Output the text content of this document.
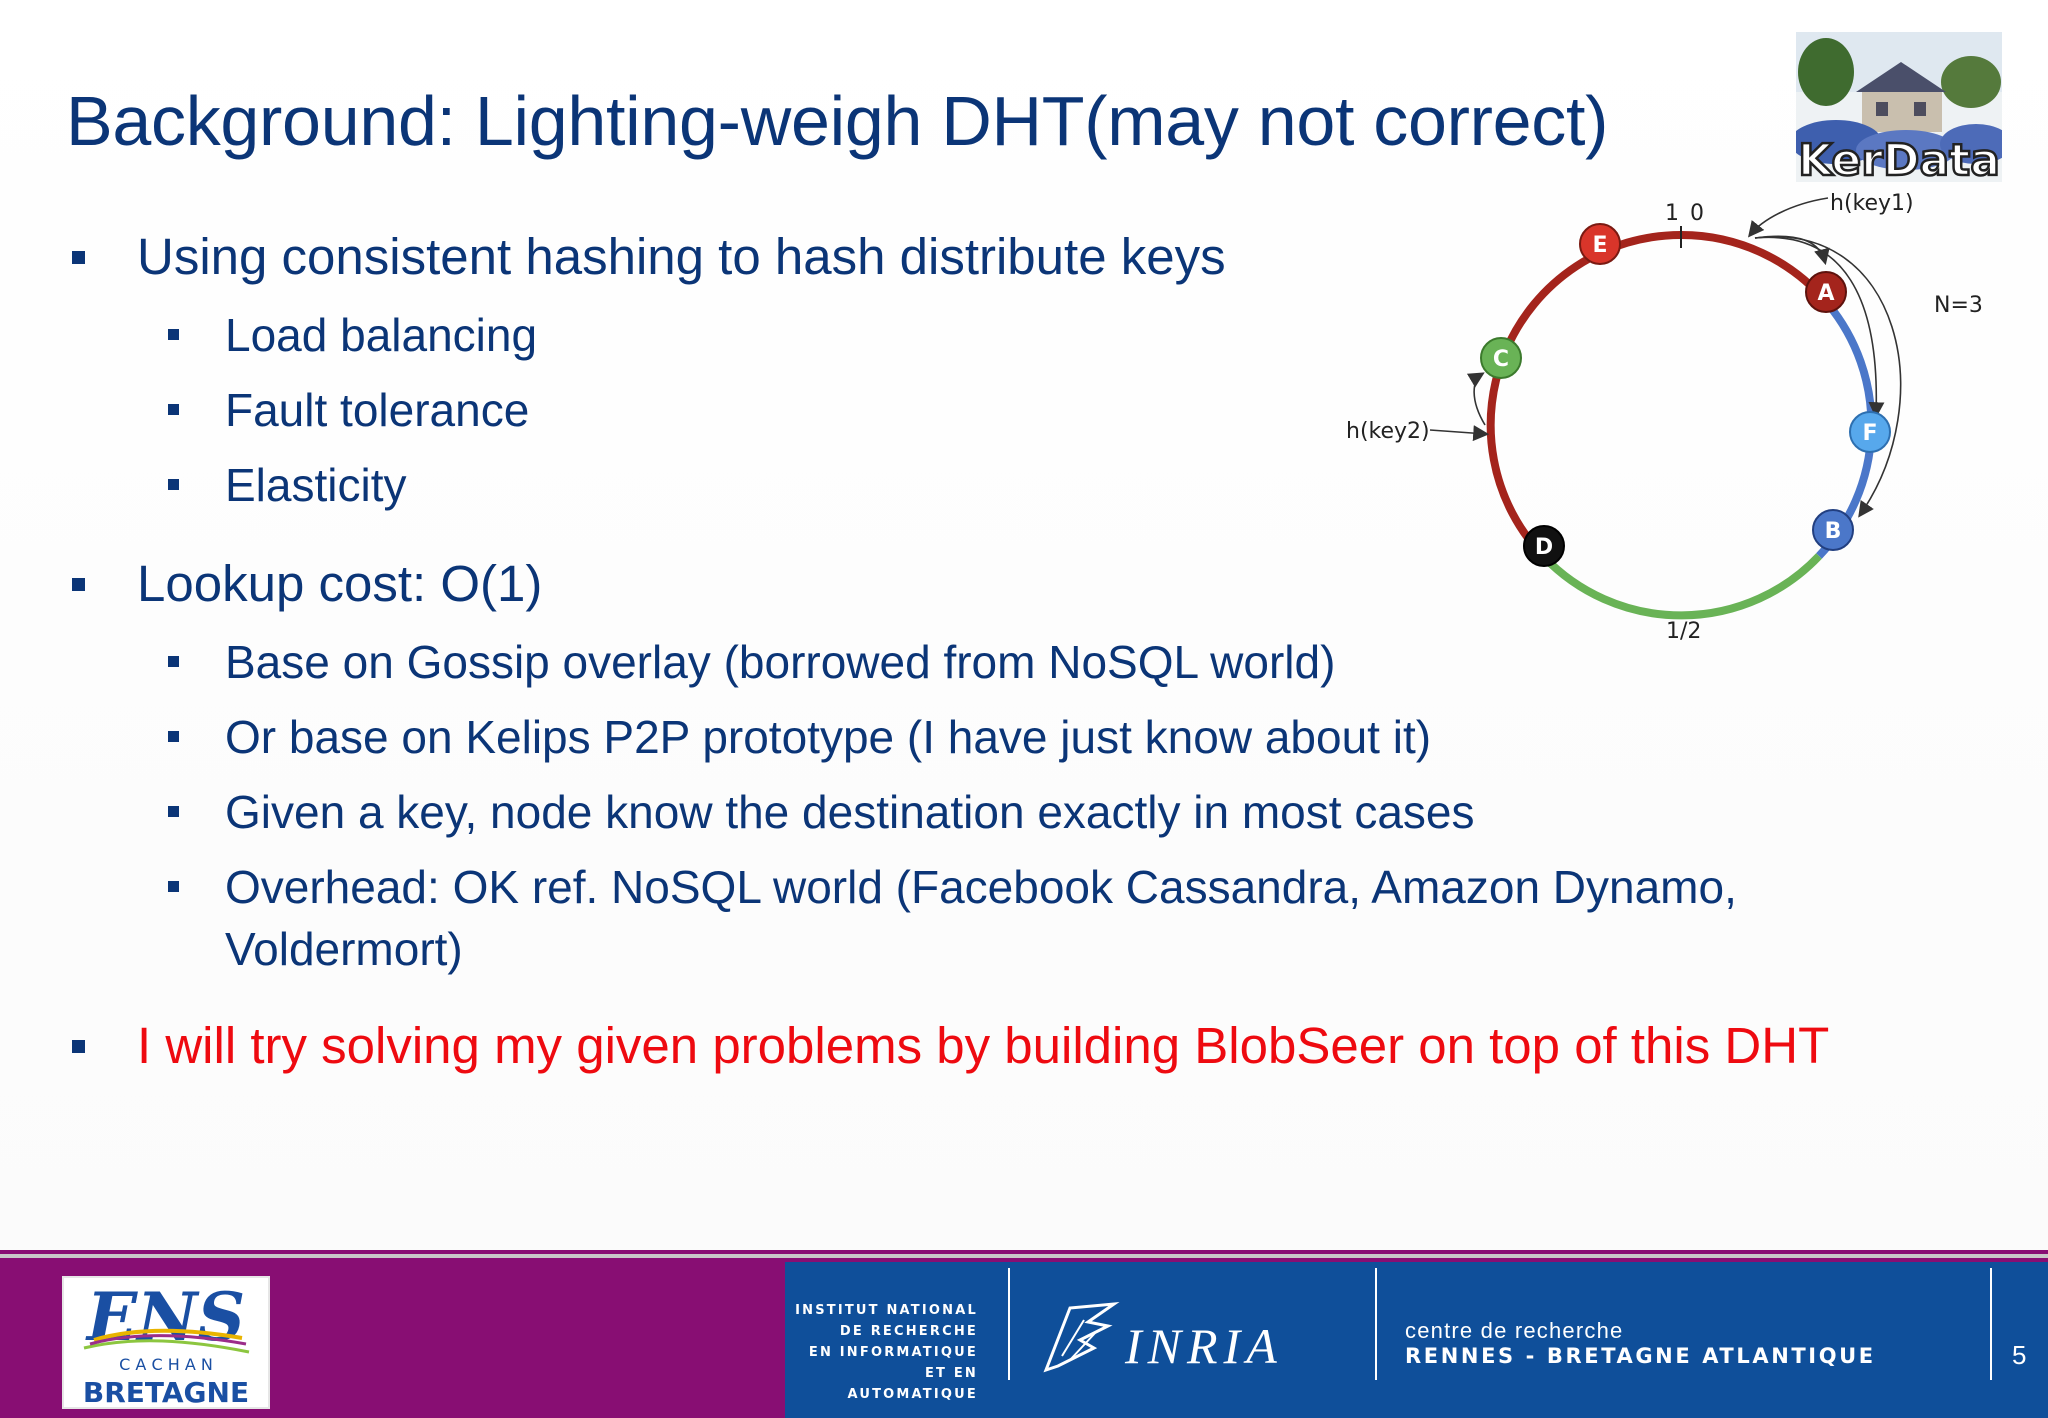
Background: Lighting-weigh DHT(may not correct)
KerData
Using consistent hashing to hash distribute keys
Load balancing
Fault tolerance
Elasticity
Lookup cost: O(1)
Base on Gossip overlay (borrowed from NoSQL world)
Or base on Kelips P2P prototype (I have just know about it)
Given a key, node know the destination exactly in most cases
Overhead: OK ref. NoSQL world (Facebook Cassandra, Amazon Dynamo,
Voldermort)
I will try solving my given problems by building BlobSeer on top of this DHT
1 0
1/2
h(key1)
h(key2)
N=3
E
A
C
F
B
D
ENS
C A C H A N
BRETAGNE
INSTITUT NATIONAL
DE RECHERCHE
EN INFORMATIQUE
ET EN AUTOMATIQUE
INRIA	centre de recherche
RENNES - BRETAGNE ATLANTIQUE	5
